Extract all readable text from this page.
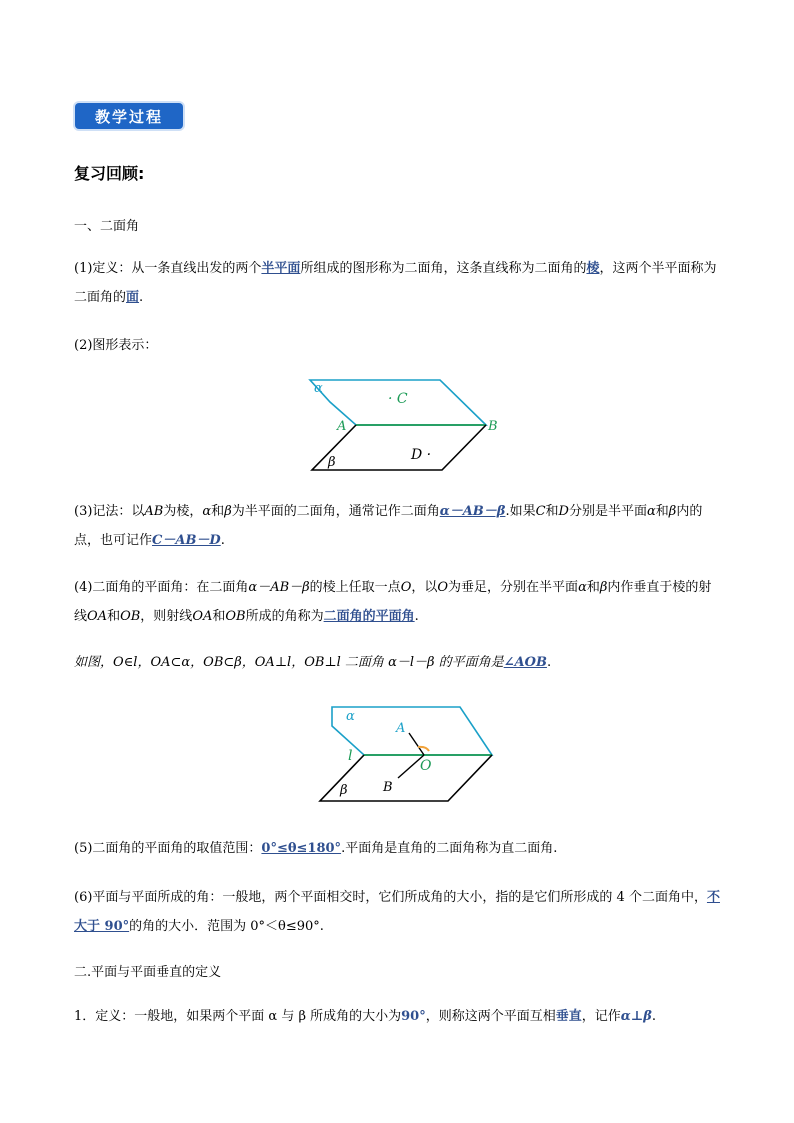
教学过程
复习回顾:
一、二面角
(1)定义：从一条直线出发的两个半平面所组成的图形称为二面角，这条直线称为二面角的棱，这两个半平面称为二面角的面.
(2)图形表示：
α
· C
A	B
β	D ·
(3)记法：以AB为棱，α和β为半平面的二面角，通常记作二面角α－AB－β.如果C和D分别是半平面α和β内的点，也可记作C－AB－D.
(4)二面角的平面角：在二面角α－AB－β的棱上任取一点O，以O为垂足，分别在半平面α和β内作垂直于棱的射线OA和OB，则射线OA和OB所成的角称为二面角的平面角.
如图，O∈l，OA⊂α，OB⊂β，OA⊥l，OB⊥l 二面角 α－l－β 的平面角是∠AOB.
α
A
l
O
β	B
(5)二面角的平面角的取值范围：0°≤θ≤180°.平面角是直角的二面角称为直二面角.
(6)平面与平面所成的角：一般地，两个平面相交时，它们所成角的大小，指的是它们所形成的 4 个二面角中，不大于 90°的角的大小．范围为 0°＜θ≤90°.
二.平面与平面垂直的定义
1．定义：一般地，如果两个平面 α 与 β 所成角的大小为90°，则称这两个平面互相垂直，记作α⊥β.
